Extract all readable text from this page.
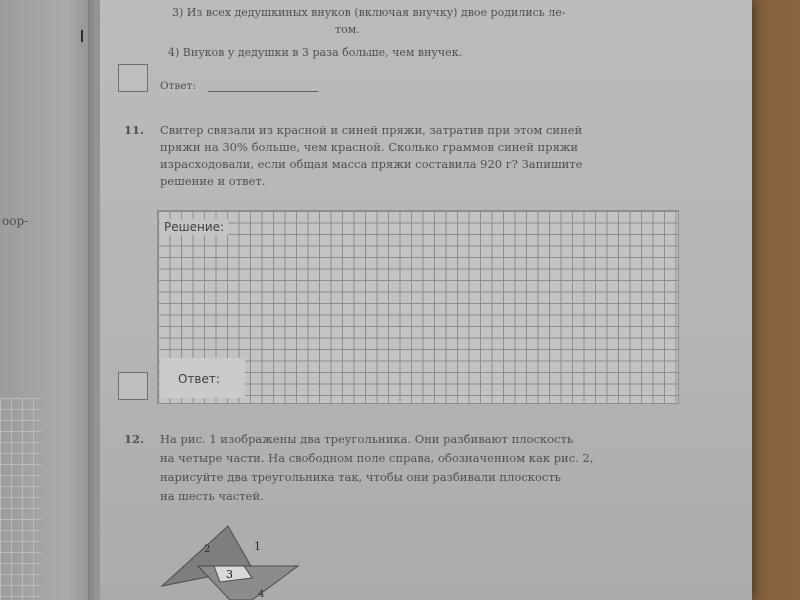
оор-
3) Из всех дедушкиных внуков (включая внучку) двое родились ле-
том.
4) Внуков у дедушки в 3 раза больше, чем внучек.
Ответ:
11. Свитер связали из красной и синей пряжи, затратив при этом синей
пряжи на 30% больше, чем красной. Сколько граммов синей пряжи
израсходовали, если общая масса пряжи составила 920 г? Запишите
решение и ответ.
Решение:
Ответ:
12. На рис. 1 изображены два треугольника. Они разбивают плоскость
на четыре части. На свободном поле справа, обозначенном как рис. 2,
нарисуйте два треугольника так, чтобы они разбивали плоскость
на шесть частей.
2	1
3
4
